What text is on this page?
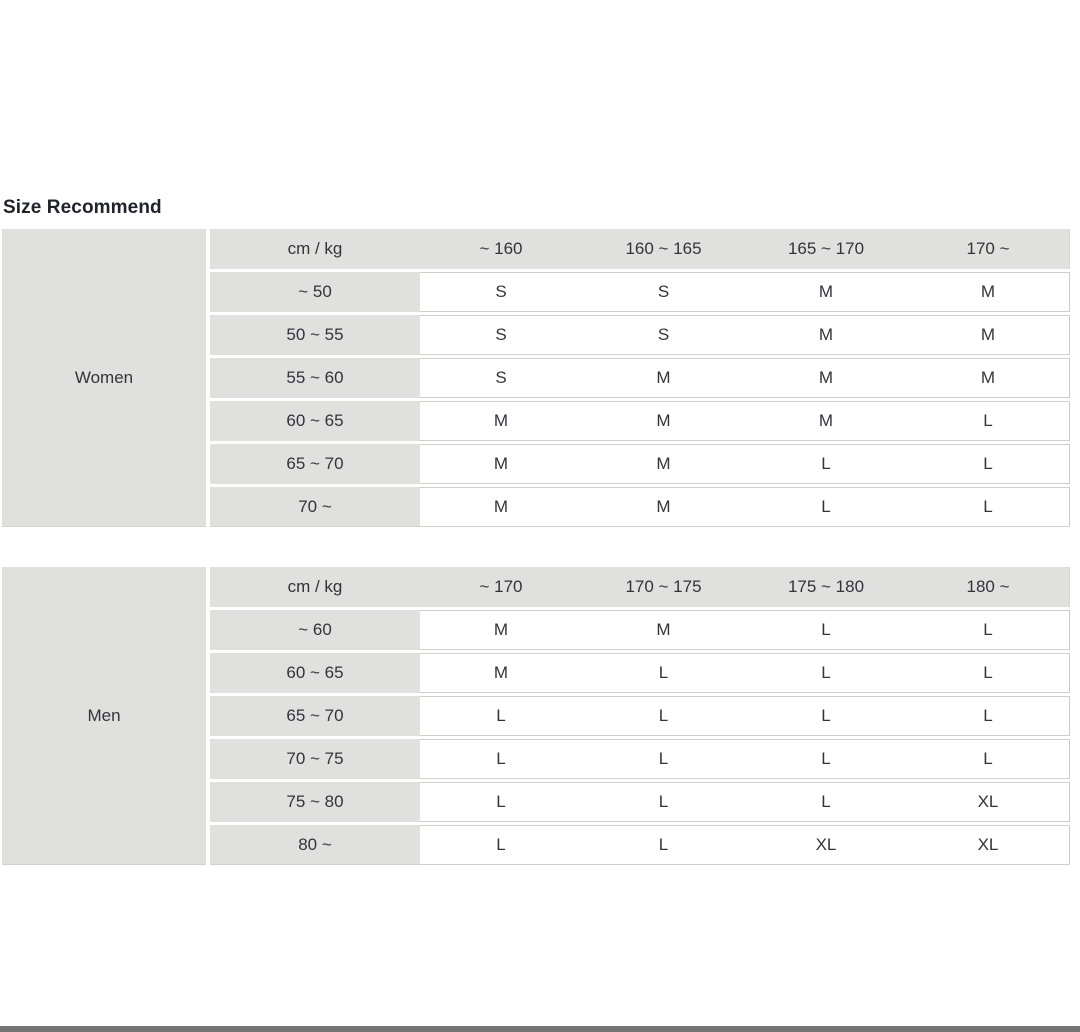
Size Recommend
Women
cm / kg	~ 160	160 ~ 165	165 ~ 170	170 ~
~ 50	S	S	M	M
50 ~ 55	S	S	M	M
55 ~ 60	S	M	M	M
60 ~ 65	M	M	M	L
65 ~ 70	M	M	L	L
70 ~	M	M	L	L
Men
cm / kg	~ 170	170 ~ 175	175 ~ 180	180 ~
~ 60	M	M	L	L
60 ~ 65	M	L	L	L
65 ~ 70	L	L	L	L
70 ~ 75	L	L	L	L
75 ~ 80	L	L	L	XL
80 ~	L	L	XL	XL
